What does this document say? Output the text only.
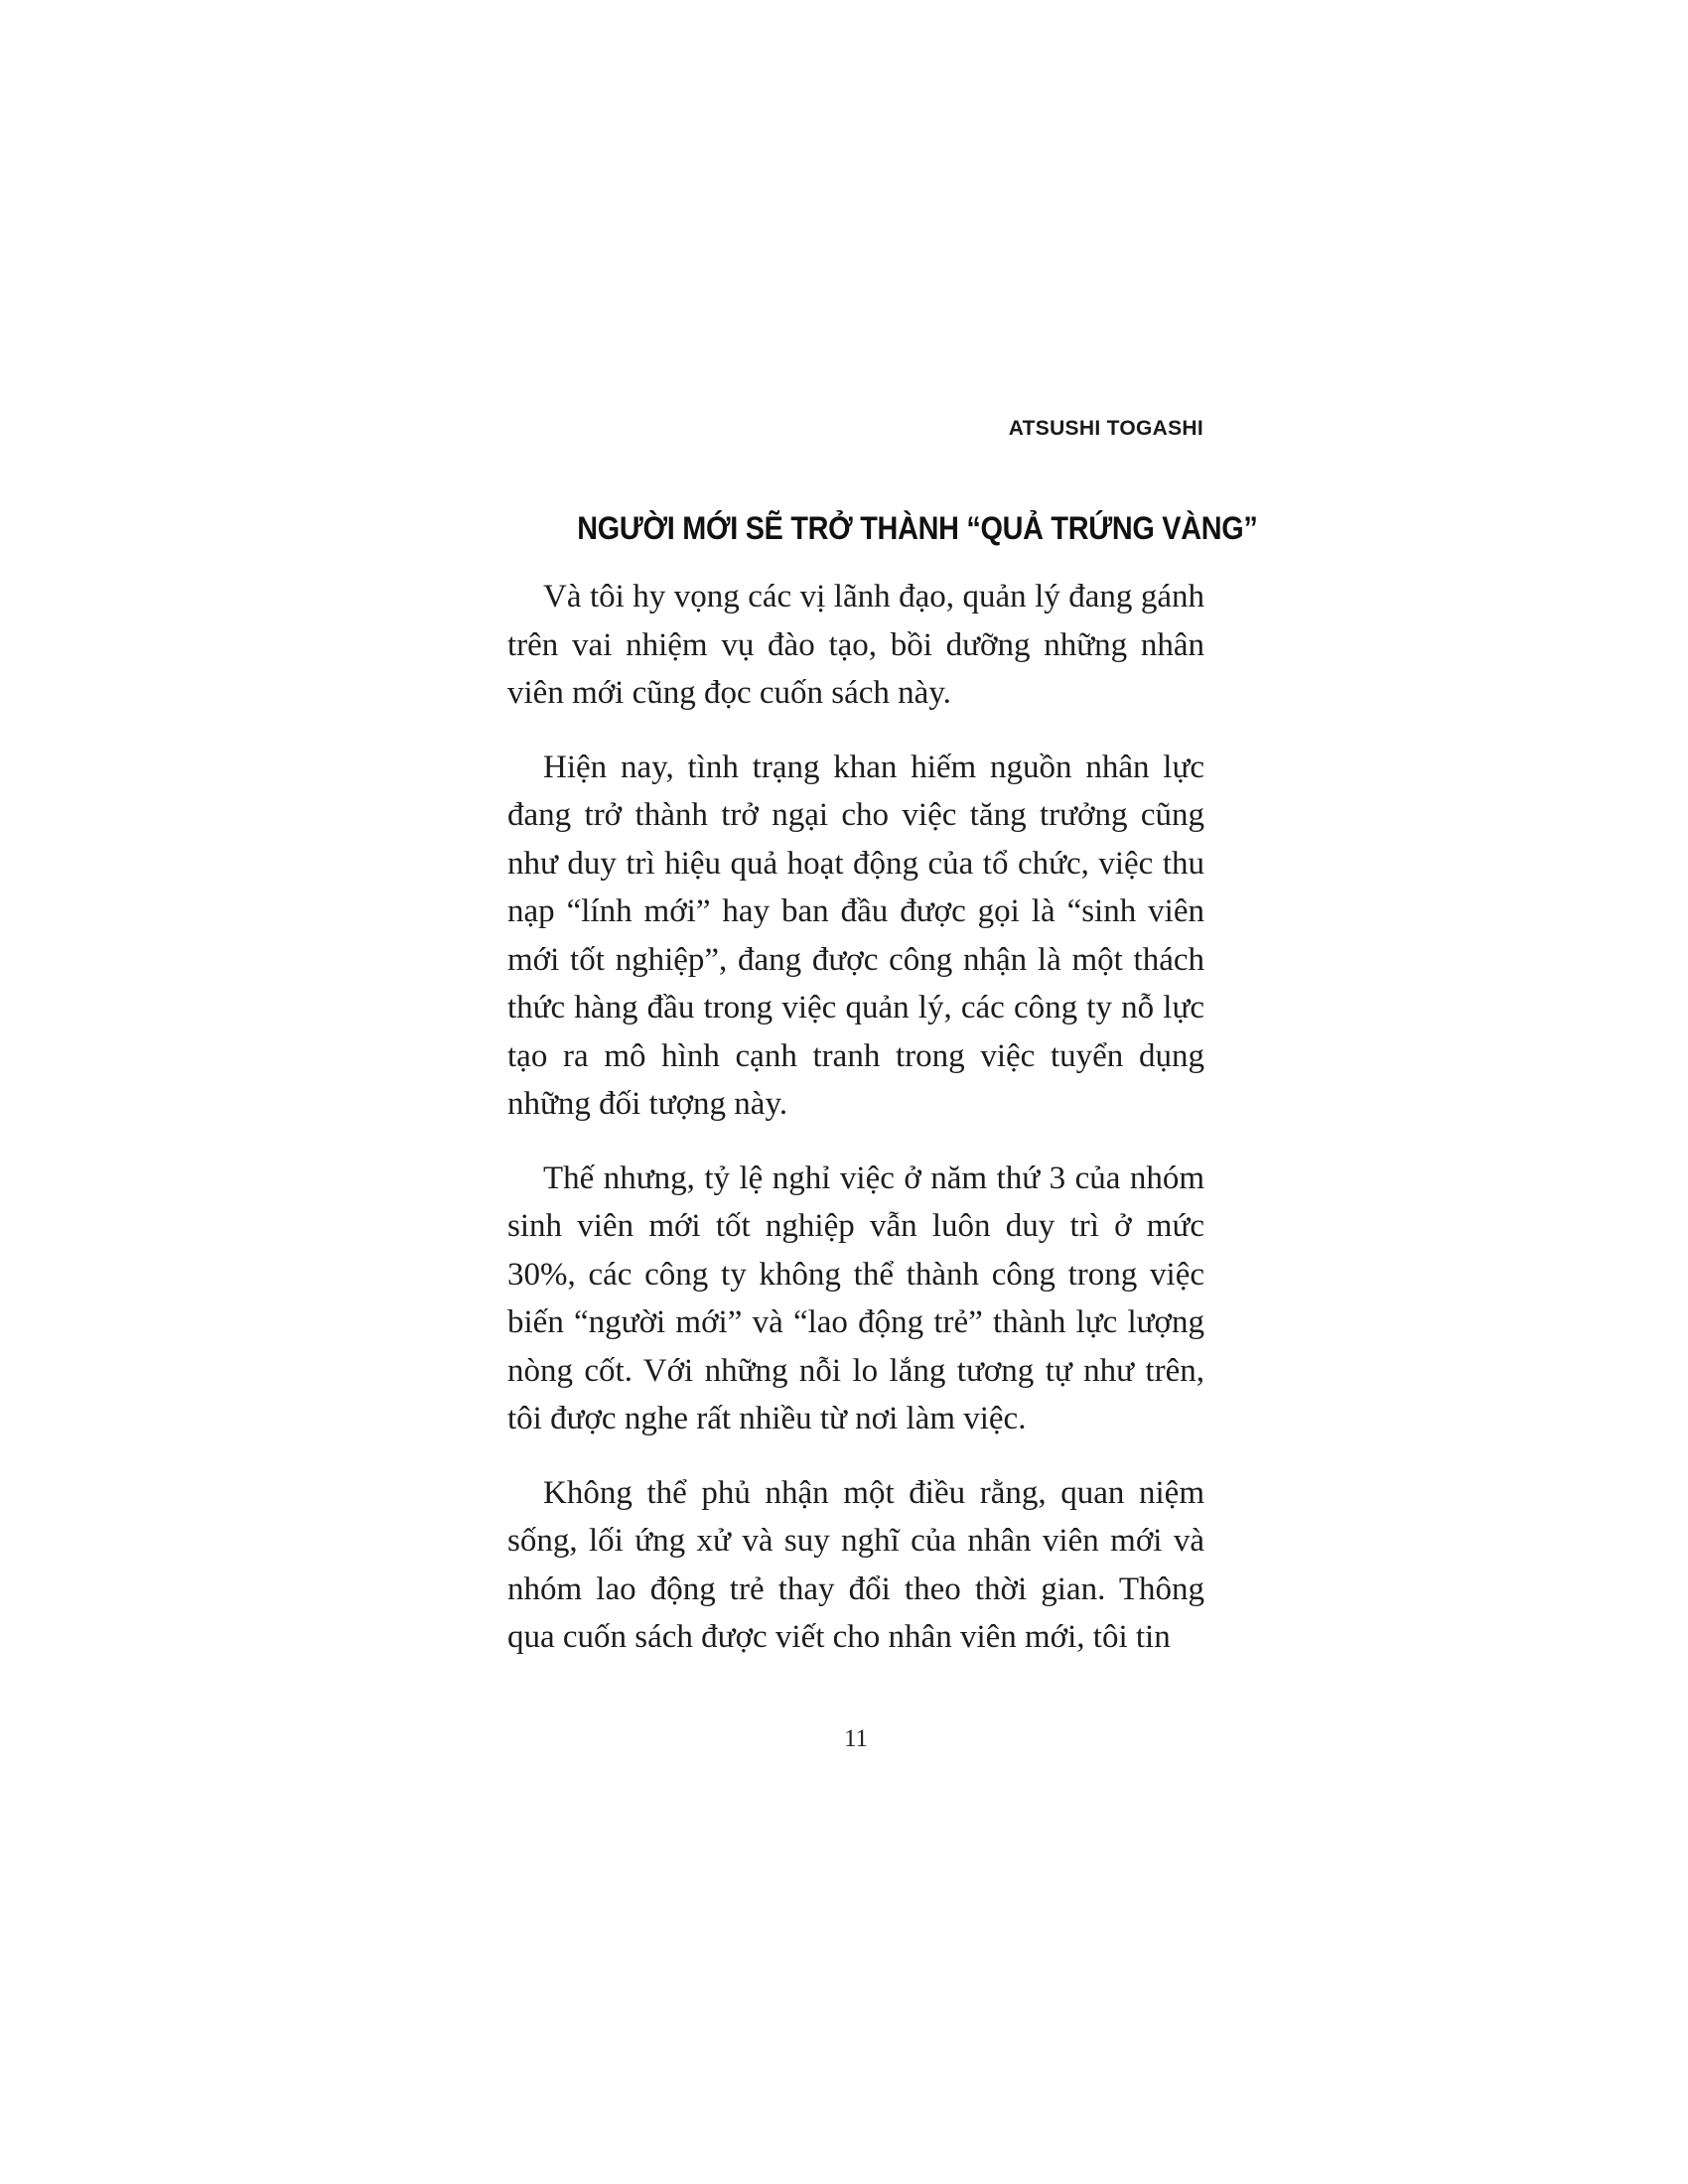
ATSUSHI TOGASHI
NGƯỜI MỚI SẼ TRỞ THÀNH “QUẢ TRỨNG VÀNG”

Và tôi hy vọng các vị lãnh đạo, quản lý đang gánh trên vai nhiệm vụ đào tạo, bồi dưỡng những nhân viên mới cũng đọc cuốn sách này.

Hiện nay, tình trạng khan hiếm nguồn nhân lực đang trở thành trở ngại cho việc tăng trưởng cũng như duy trì hiệu quả hoạt động của tổ chức, việc thu nạp “lính mới” hay ban đầu được gọi là “sinh viên mới tốt nghiệp”, đang được công nhận là một thách thức hàng đầu trong việc quản lý, các công ty nỗ lực tạo ra mô hình cạnh tranh trong việc tuyển dụng những đối tượng này.

Thế nhưng, tỷ lệ nghỉ việc ở năm thứ 3 của nhóm sinh viên mới tốt nghiệp vẫn luôn duy trì ở mức 30%, các công ty không thể thành công trong việc biến “người mới” và “lao động trẻ” thành lực lượng nòng cốt. Với những nỗi lo lắng tương tự như trên, tôi được nghe rất nhiều từ nơi làm việc.

Không thể phủ nhận một điều rằng, quan niệm sống, lối ứng xử và suy nghĩ của nhân viên mới và nhóm lao động trẻ thay đổi theo thời gian. Thông qua cuốn sách được viết cho nhân viên mới, tôi tin

11
